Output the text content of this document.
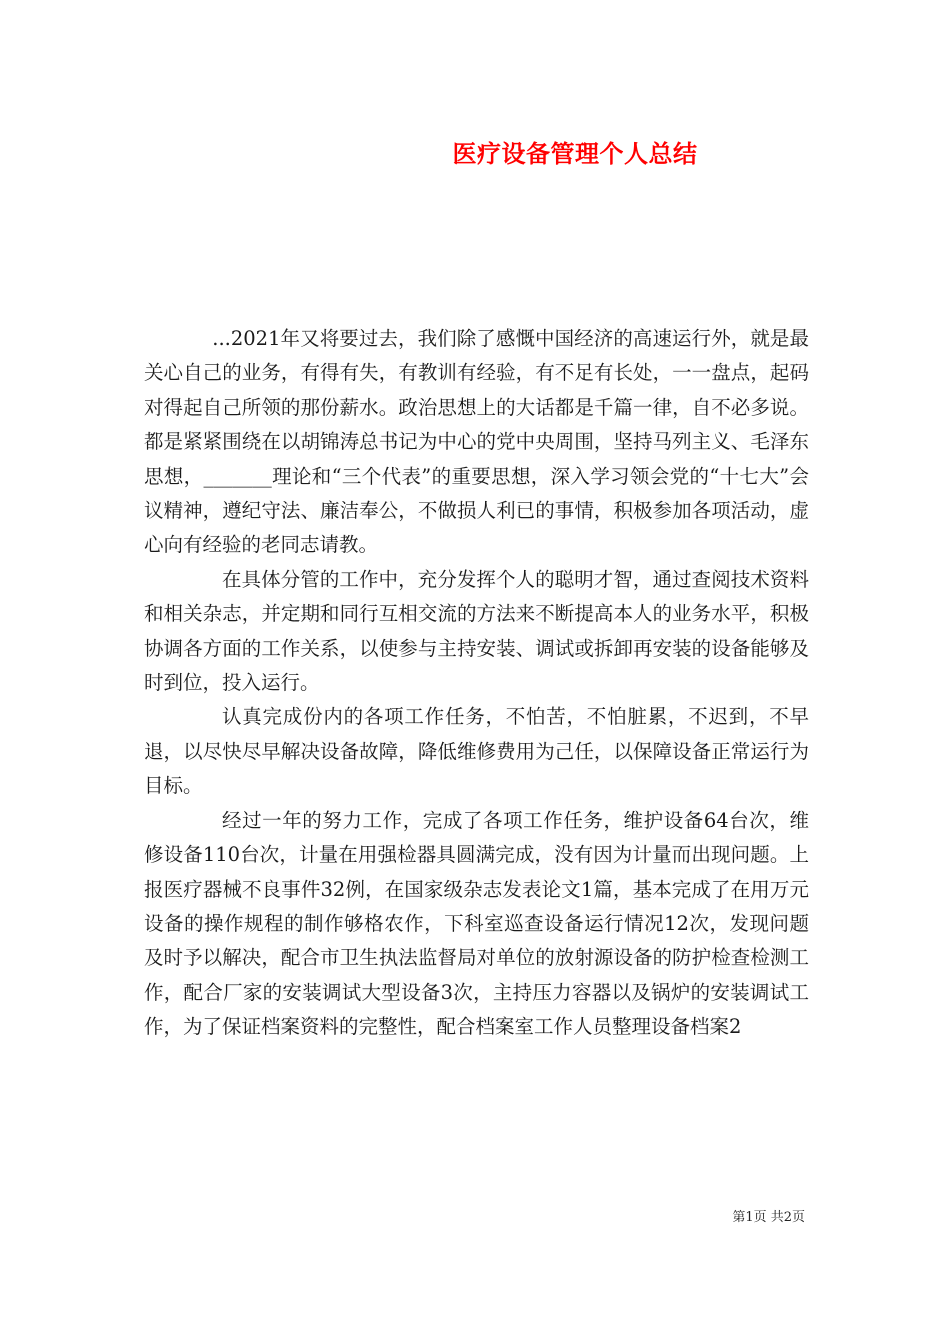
医疗设备管理个人总结

...2021年又将要过去，我们除了感慨中国经济的高速运行外，就是最关心自己的业务，有得有失，有教训有经验，有不足有长处，一一盘点，起码对得起自己所领的那份薪水。政治思想上的大话都是千篇一律，自不必多说。都是紧紧围绕在以胡锦涛总书记为中心的党中央周围，坚持马列主义、毛泽东思想，_______理论和“三个代表”的重要思想，深入学习领会党的“十七大”会议精神，遵纪守法、廉洁奉公，不做损人利已的事情，积极参加各项活动，虚心向有经验的老同志请教。

在具体分管的工作中，充分发挥个人的聪明才智，通过查阅技术资料和相关杂志，并定期和同行互相交流的方法来不断提高本人的业务水平，积极协调各方面的工作关系，以使参与主持安装、调试或拆卸再安装的设备能够及时到位，投入运行。

认真完成份内的各项工作任务，不怕苦，不怕脏累，不迟到，不早退，以尽快尽早解决设备故障，降低维修费用为己任，以保障设备正常运行为目标。

经过一年的努力工作，完成了各项工作任务，维护设备64台次，维修设备110台次，计量在用强检器具圆满完成，没有因为计量而出现问题。上报医疗器械不良事件32例，在国家级杂志发表论文1篇，基本完成了在用万元设备的操作规程的制作够格农作，下科室巡查设备运行情况12次，发现问题及时予以解决，配合市卫生执法监督局对单位的放射源设备的防护检查检测工作，配合厂家的安装调试大型设备3次，主持压力容器以及锅炉的安装调试工作，为了保证档案资料的完整性，配合档案室工作人员整理设备档案2

第1页 共2页
